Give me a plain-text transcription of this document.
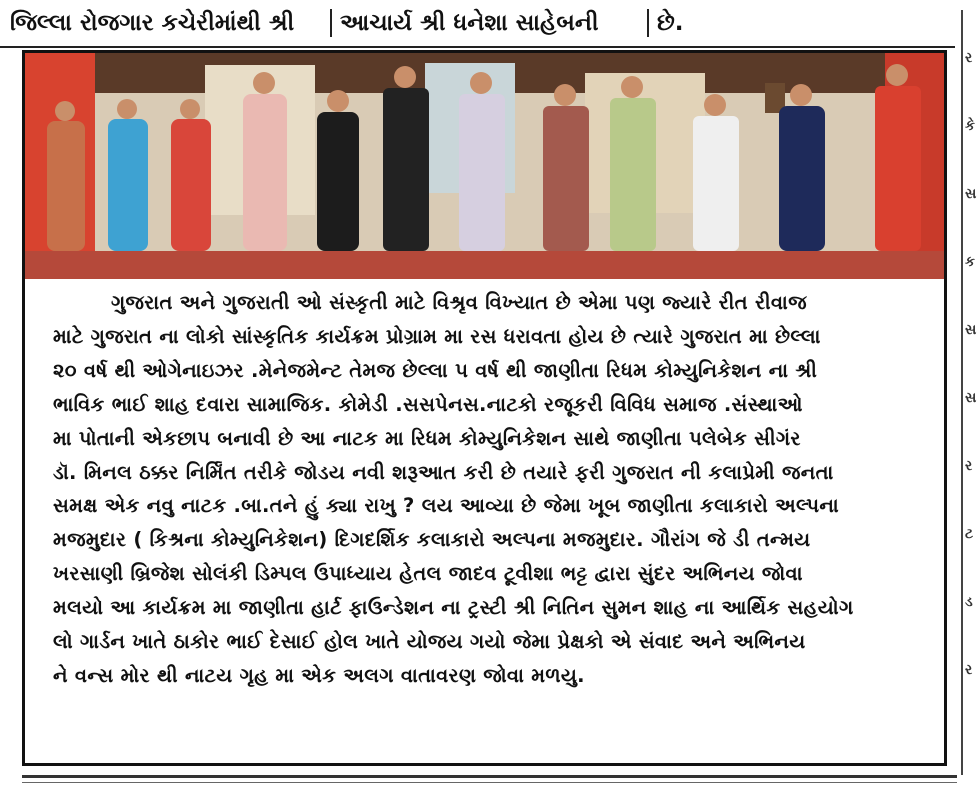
જિલ્લા રોજગાર કચેરીમાંથી શ્રી આચાર્ય શ્રી ધનેશા સાહેબની	છે.
ર
કે
સ
ક
સ
સ
ર
ટ
ડ
ર
ગુજરાત અને ગુજરાતી ઓ સંસ્કૃતી માટે વિશ્રૃવ વિખ્યાત છે એમા પણ જ્યારે રીત રીવાજ
માટે ગુજરાત ના લોકો સાંસ્કૃતિક કાર્યક્રમ પ્રોગ્રામ મા રસ ધરાવતા હોય છે ત્યારે ગુજરાત મા છેલ્લા
૨૦ વર્ષ થી ઓગેનાઇઝર .મેનેજમેન્ટ તેમજ છેલ્લા ૫ વર્ષ થી જાણીતા રિધમ કોમ્યુનિકેશન ના શ્રી
ભાવિક ભાઈ શાહ દવારા સામાજિક. કોમેડી .સસપેનસ.નાટકો રજૂકરી વિવિધ સમાજ .સંસ્થાઓ
મા પોતાની એકછાપ બનાવી છે આ નાટક મા રિધમ કોમ્યુનિકેશન સાથે જાણીતા પલેબેક સીગંર
ડૉ. મિનલ ઠક્કર નિર્મિંત તરીકે જોડય નવી શરૂઆત કરી છે તયારે ફરી ગુજરાત ની કલાપ્રેમી જનતા
સમક્ષ એક નવુ નાટક .બા.તને હું ક્યા રાખુ ? લય આવ્યા છે જેમા ખૂબ જાણીતા કલાકારો અલ્પના
મજમુદાર ( કિશ્રના કોમ્યુનિકેશન) દિગદર્શિક કલાકારો અલ્પના મજમુદાર. ગૌરાંગ જે ડી તન્મય
ખરસાણી બ્રિજેશ સોલંકી ડિમ્પલ ઉપાધ્યાય હેતલ જાદવ ટૂવીશા ભટ્ટ દ્વારા સુંદર અભિનય જોવા
મલયો આ કાર્યક્રમ મા જાણીતા હાર્ટ ફાઉન્ડેશન ના ટ્રસ્ટી શ્રી નિતિન સુમન શાહ ના આર્થિક સહયોગ
લો ગાર્ડન ખાતે ઠાકોર ભાઈ દેસાઈ હોલ ખાતે યોજય ગયો જેમા પ્રેક્ષકો એ સંવાદ અને અભિનય
ને વન્સ મોર થી નાટય ગૃહ મા એક અલગ વાતાવરણ જોવા મળયુ.
